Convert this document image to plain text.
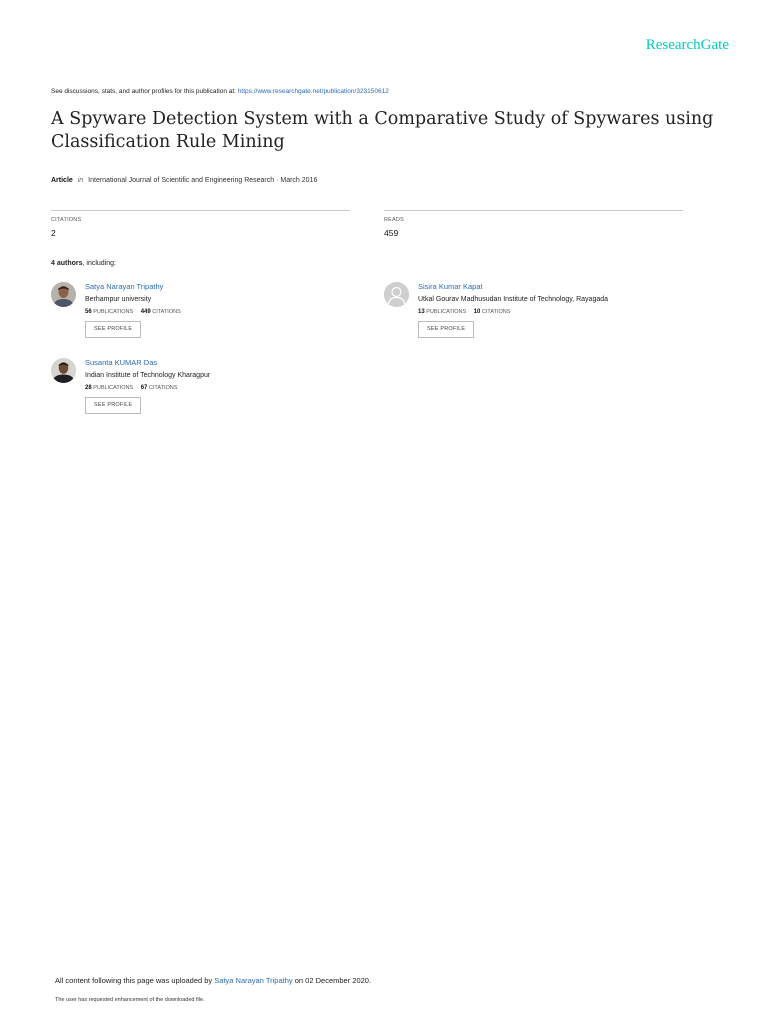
ResearchGate
See discussions, stats, and author profiles for this publication at: https://www.researchgate.net/publication/323150612
A Spyware Detection System with a Comparative Study of Spywares using Classification Rule Mining
Article in International Journal of Scientific and Engineering Research · March 2016
CITATIONS
2
READS
459
4 authors, including:
Satya Narayan Tripathy
Berhampur university
56 PUBLICATIONS 449 CITATIONS
SEE PROFILE
Sisira Kumar Kapat
Utkal Gourav Madhusudan Institute of Technology, Rayagada
13 PUBLICATIONS 10 CITATIONS
SEE PROFILE
Susanta KUMAR Das
Indian Institute of Technology Kharagpur
28 PUBLICATIONS 67 CITATIONS
SEE PROFILE
All content following this page was uploaded by Satya Narayan Tripathy on 02 December 2020.
The user has requested enhancement of the downloaded file.
